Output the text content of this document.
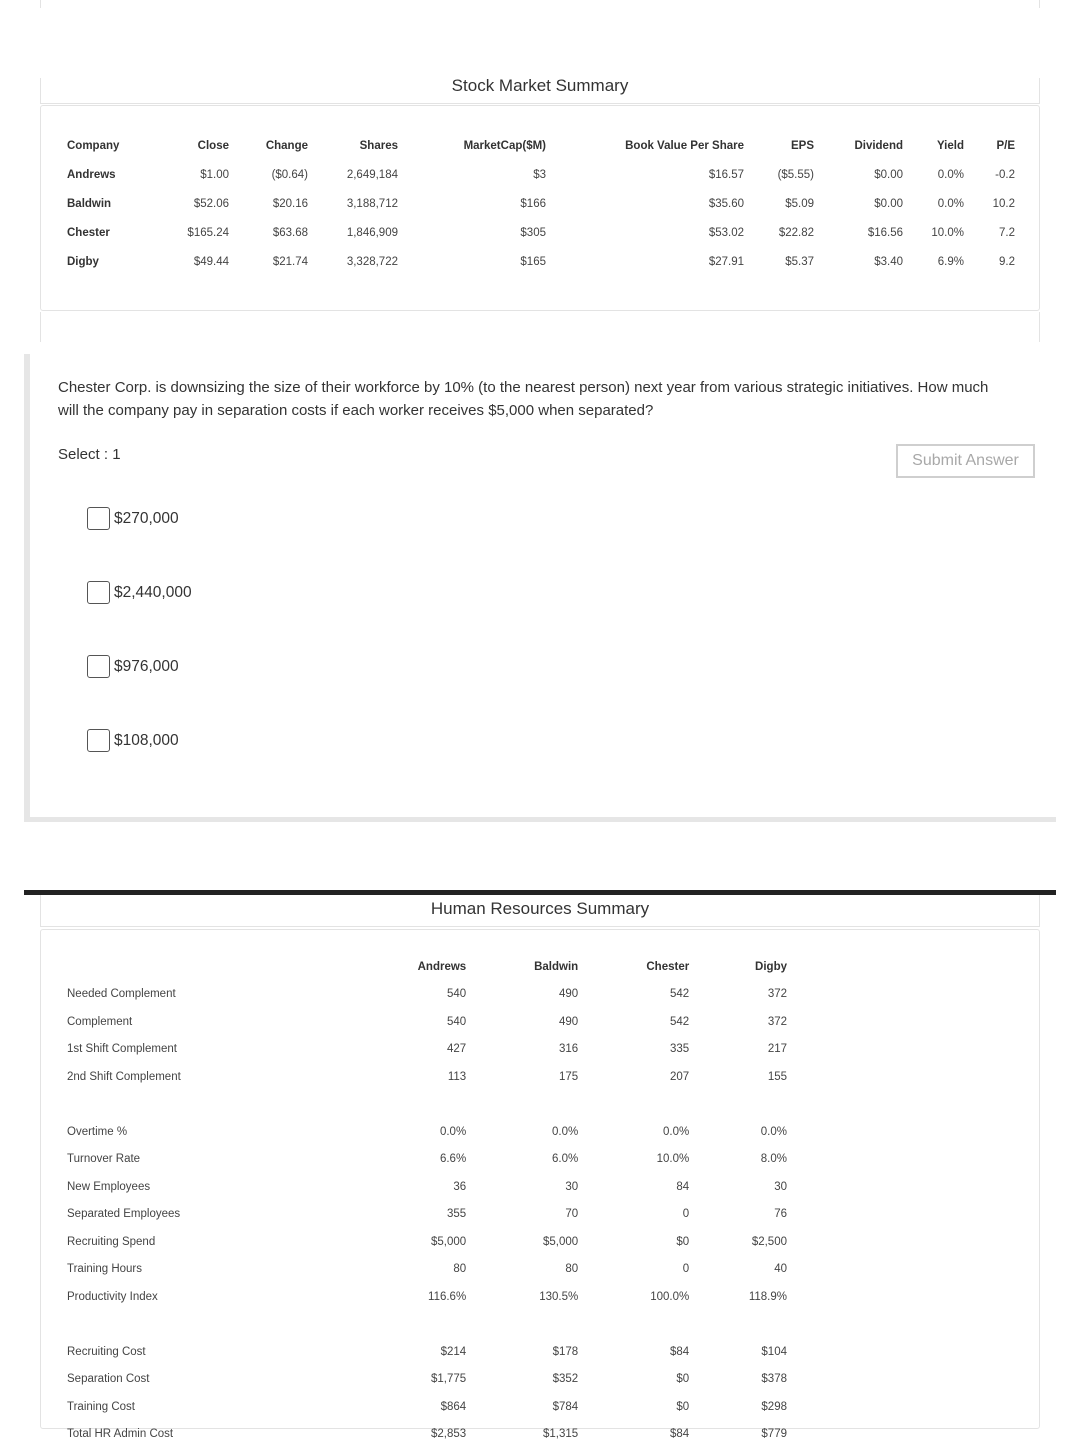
Stock Market Summary
Company	Close	Change	Shares	MarketCap($M)	Book Value Per Share	EPS	Dividend	Yield	P/E
Andrews	$1.00	($0.64)	2,649,184	$3	$16.57	($5.55)	$0.00	0.0%	-0.2
Baldwin	$52.06	$20.16	3,188,712	$166	$35.60	$5.09	$0.00	0.0%	10.2
Chester	$165.24	$63.68	1,846,909	$305	$53.02	$22.82	$16.56	10.0%	7.2
Digby	$49.44	$21.74	3,328,722	$165	$27.91	$5.37	$3.40	6.9%	9.2

Chester Corp. is downsizing the size of their workforce by 10% (to the nearest person) next year from various strategic initiatives. How much will the company pay in separation costs if each worker receives $5,000 when separated?

Select : 1	Submit Answer
$270,000
$2,440,000
$976,000
$108,000
Human Resources Summary
	Andrews	Baldwin	Chester	Digby
Needed Complement	540	490	542	372
Complement	540	490	542	372
1st Shift Complement	427	316	335	217
2nd Shift Complement	113	175	207	155

Overtime %	0.0%	0.0%	0.0%	0.0%
Turnover Rate	6.6%	6.0%	10.0%	8.0%
New Employees	36	30	84	30
Separated Employees	355	70	0	76
Recruiting Spend	$5,000	$5,000	$0	$2,500
Training Hours	80	80	0	40
Productivity Index	116.6%	130.5%	100.0%	118.9%

Recruiting Cost	$214	$178	$84	$104
Separation Cost	$1,775	$352	$0	$378
Training Cost	$864	$784	$0	$298
Total HR Admin Cost	$2,853	$1,315	$84	$779
